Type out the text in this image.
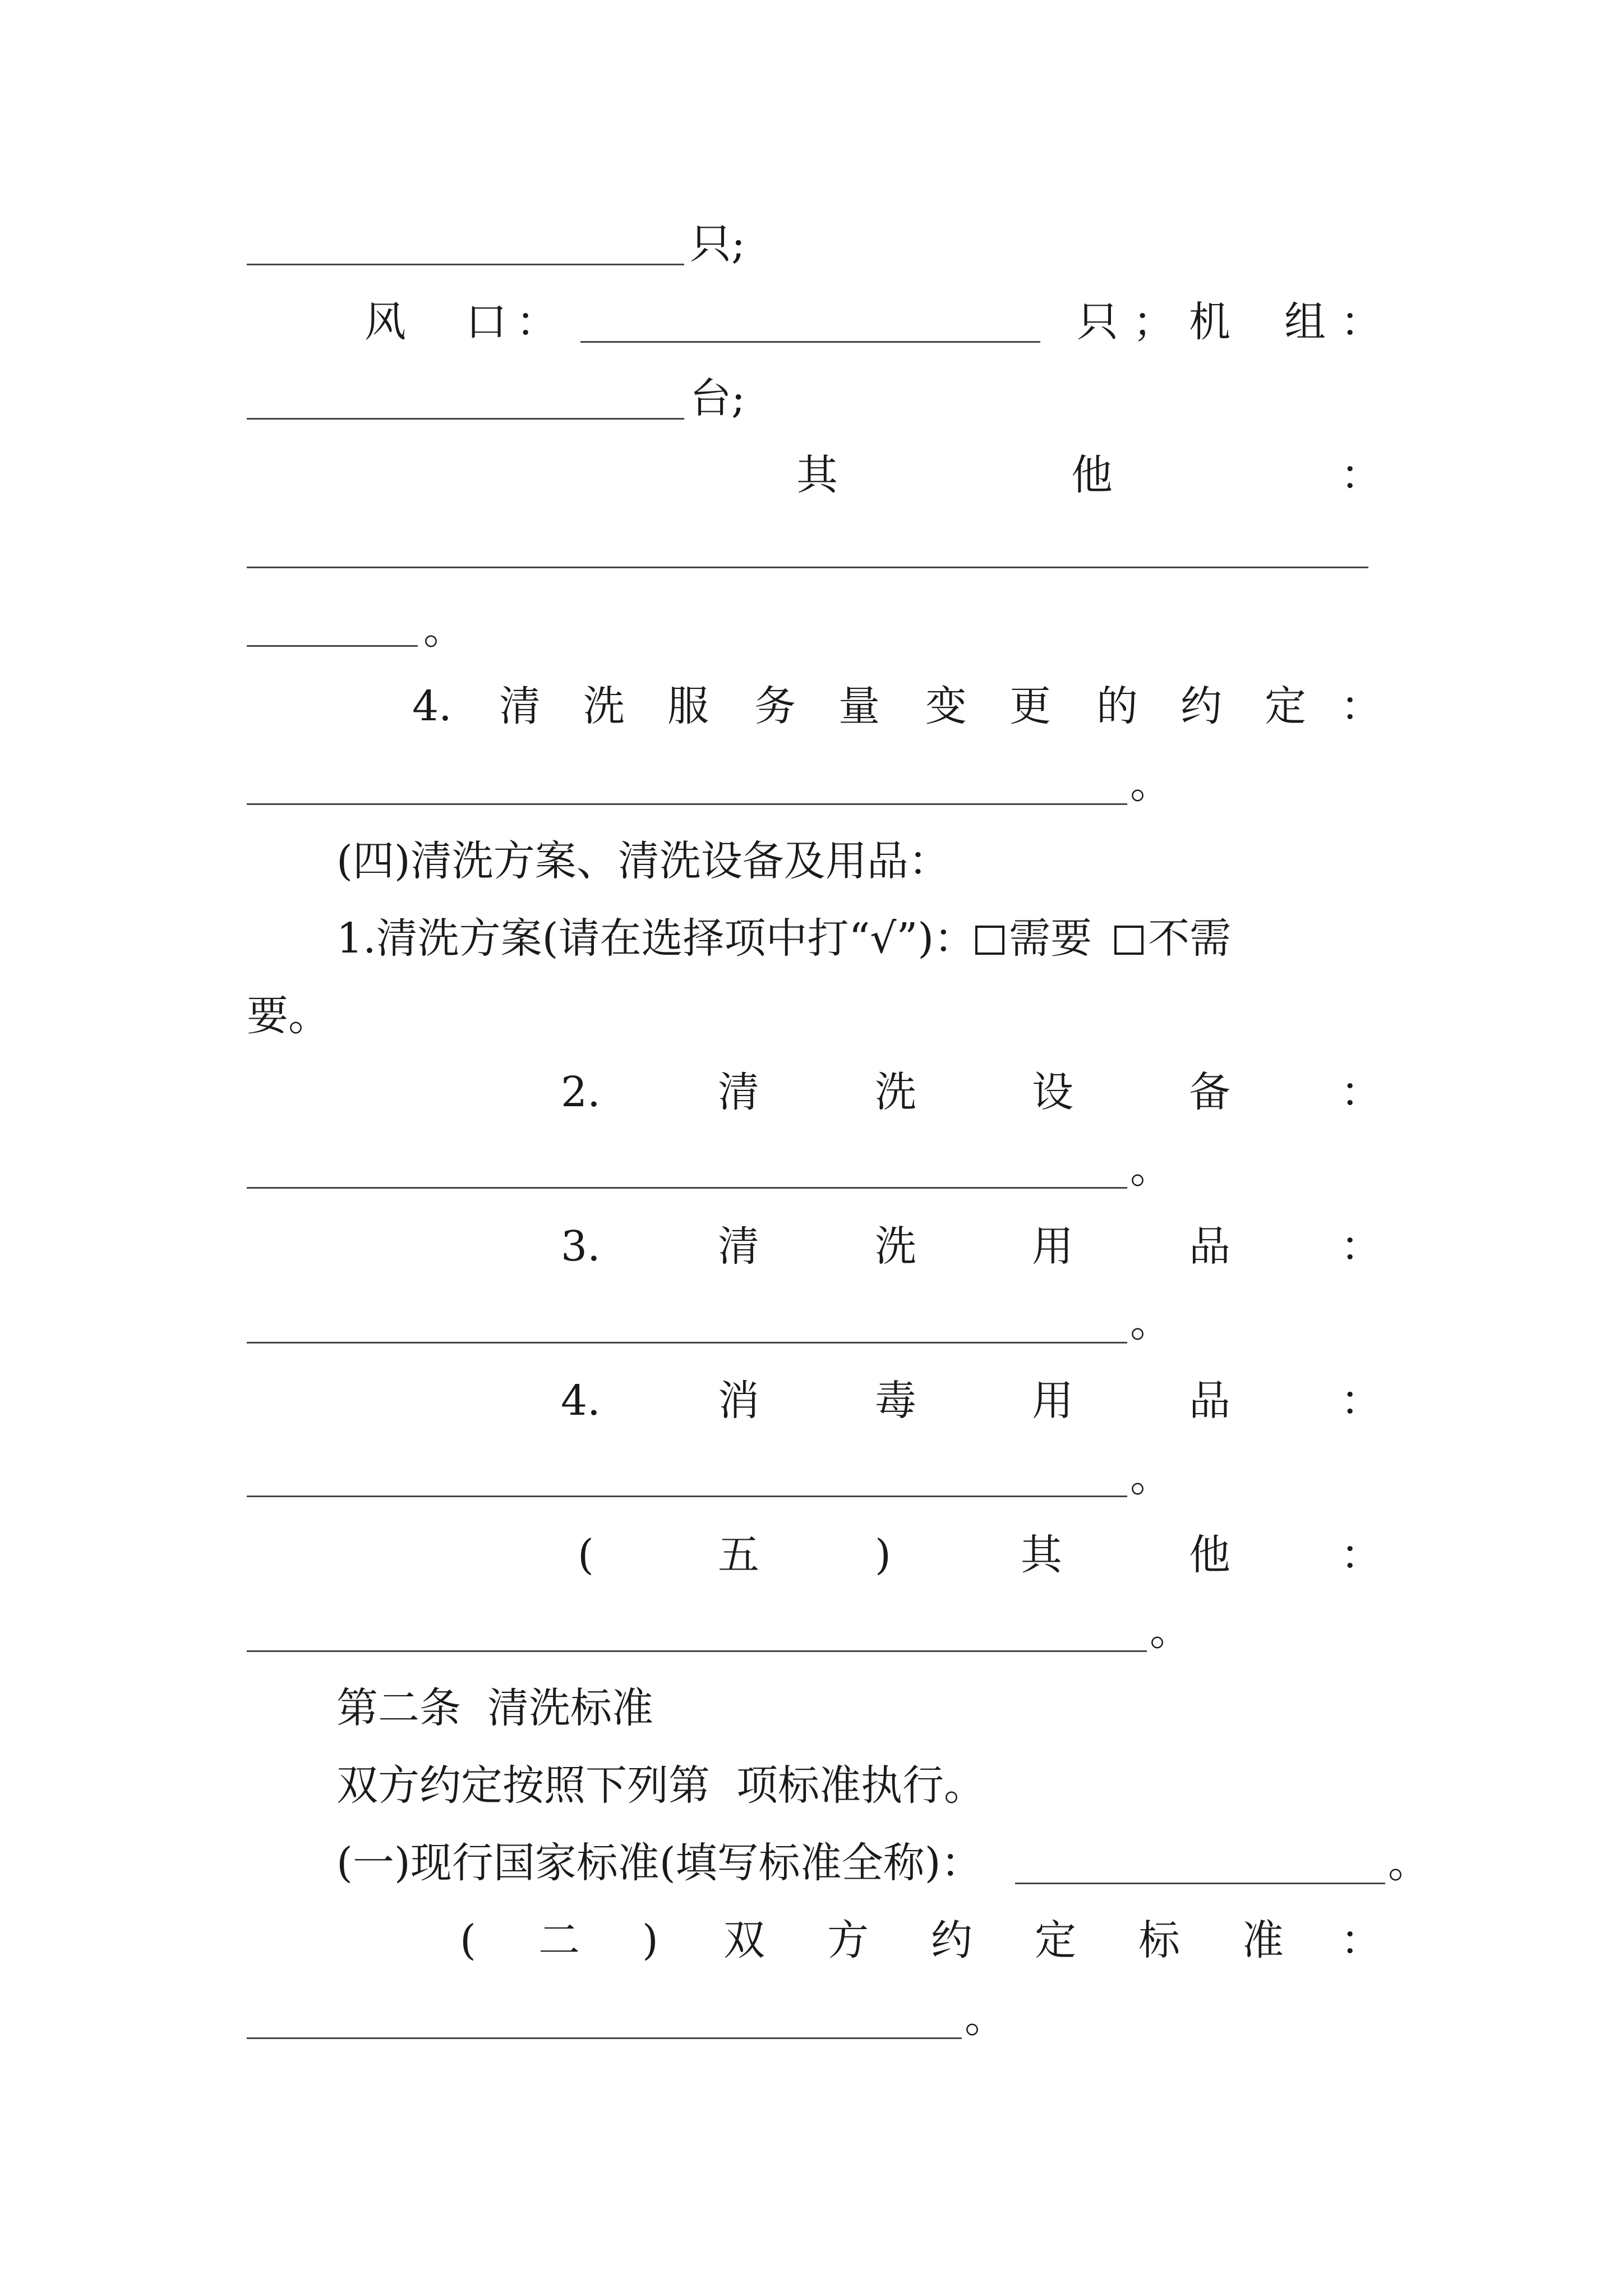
只;
风 口 ：	只 ； 机 组 ：
台;
其	他	：
。
4. 清 洗 服 务 量 变 更 的 约 定 ：
。
(四)清洗方案、清洗设备及用品：
1.清洗方案(请在选择项中打“√”)： 需要 不需
要。
2.	清	洗	设	备	：
。
3.	清	洗	用	品	：
。
4.	消	毒	用	品	：
。
(	五	)	其	他	：
。
第二条  清洗标准
双方约定按照下列第  项标准执行。
(一)现行国家标准(填写标准全称)：	。
( 二 ) 双 方 约 定 标 准 ：
。
